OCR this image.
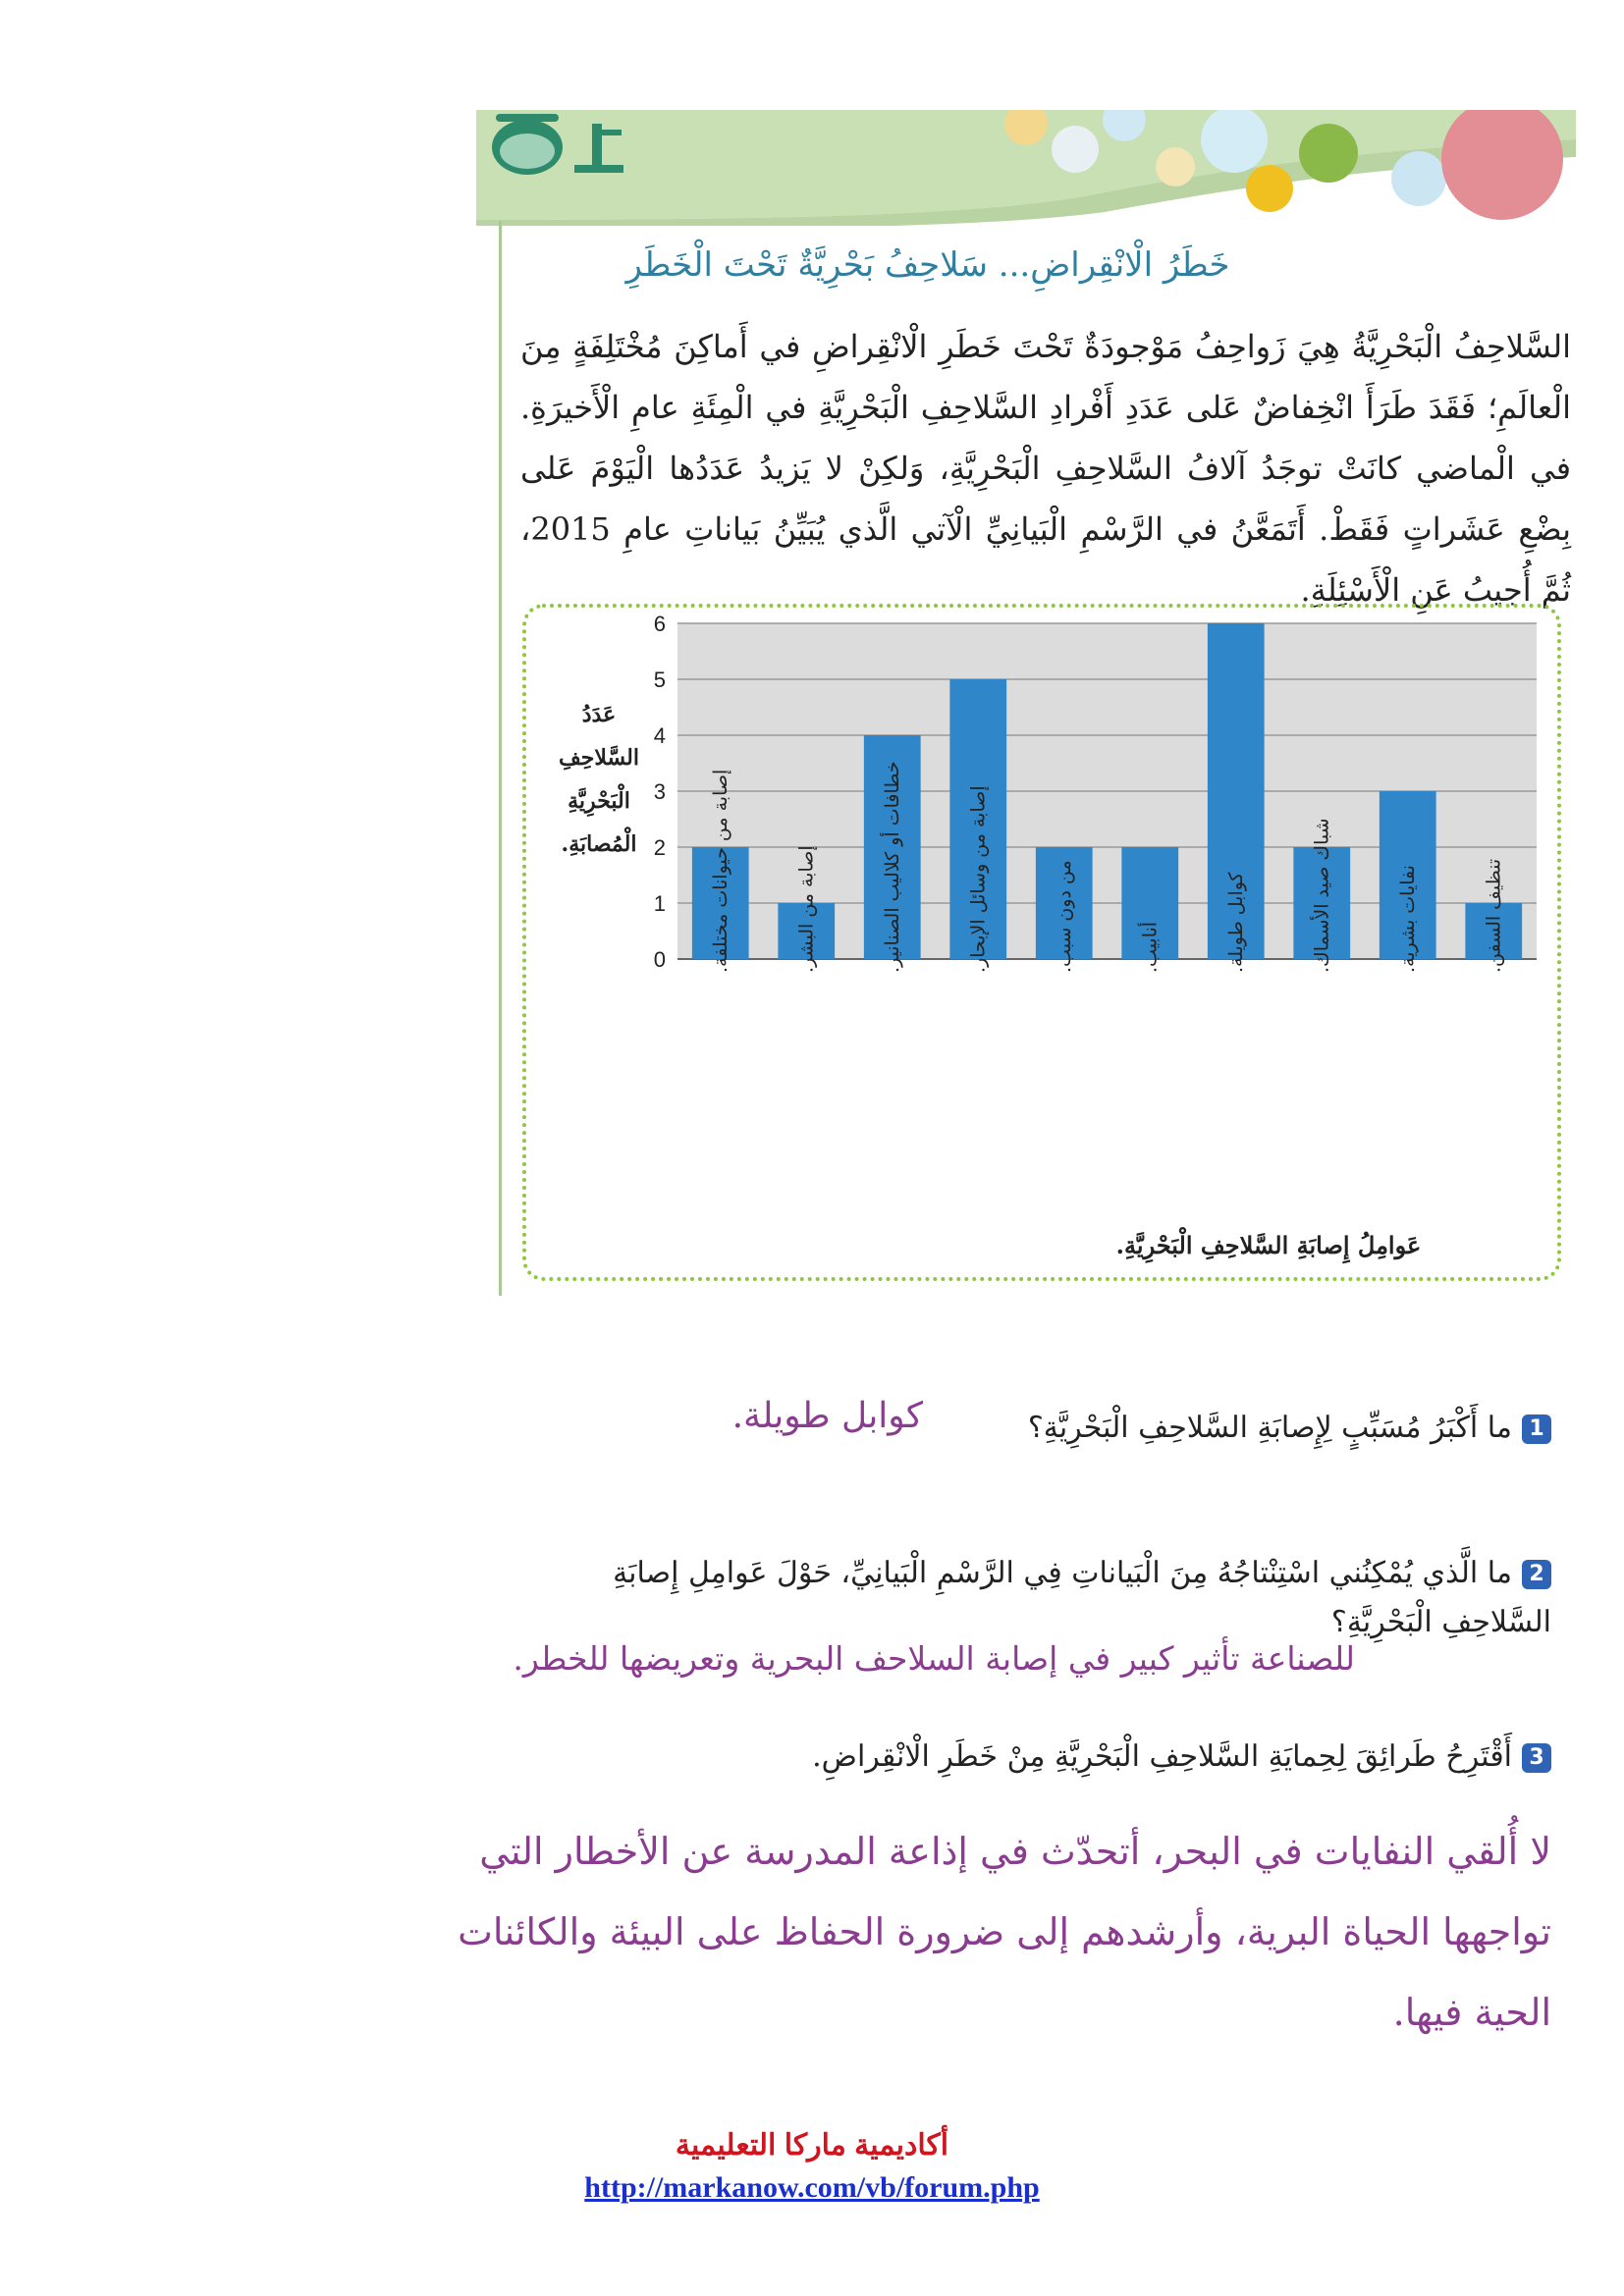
خَطَرُ الْانْقِراضِ... سَلاحِفُ بَحْرِيَّةٌ تَحْتَ الْخَطَرِ
السَّلاحِفُ الْبَحْرِيَّةُ هِيَ زَواحِفُ مَوْجودَةٌ تَحْتَ خَطَرِ الْانْقِراضِ في أَماكِنَ مُخْتَلِفَةٍ مِنَ الْعالَمِ؛ فَقَدَ طَرَأَ انْخِفاضٌ عَلى عَدَدِ أَفْرادِ السَّلاحِفِ الْبَحْرِيَّةِ في الْمِئَةِ عامِ الْأَخيرَةِ. في الْماضي كانَتْ توجَدُ آلافُ السَّلاحِفِ الْبَحْرِيَّةِ، وَلكِنْ لا يَزيدُ عَدَدُها الْيَوْمَ عَلى بِضْعِ عَشَراتٍ فَقَطْ. أَتَمَعَّنُ في الرَّسْمِ الْبَيانِيِّ الْآتي الَّذي يُبَيِّنُ بَياناتِ عامِ 2015، ثُمَّ أُجيبُ عَنِ الْأَسْئِلَةِ.
0
1
2
3
4
5
6
إصابة من حيوانات مختلفة.	إصابة من البشر.	خطافات أو كلاليب الصنانير.	إصابة من وسائل الإبحار.	من دون سبب.	أنابيب.	كوابل طويلة.	شباك صيد الأسماك.	نفايات بشرية.	تنظيف السفن.
عَدَدُ
السَّلاحِفِ
الْبَحْرِيَّةِ
الْمُصابَةِ.
عَوامِلُ إِصابَةِ السَّلاحِفِ الْبَحْرِيَّةِ.
1ما أَكْبَرُ مُسَبِّبٍ لِإِصابَةِ السَّلاحِفِ الْبَحْرِيَّةِ؟
كوابل طويلة.
2ما الَّذي يُمْكِنُني اسْتِنْتاجُهُ مِنَ الْبَياناتِ فِي الرَّسْمِ الْبَيانِيِّ، حَوْلَ عَوامِلِ إِصابَةِ السَّلاحِفِ الْبَحْرِيَّةِ؟
للصناعة تأثير كبير في إصابة السلاحف البحرية وتعريضها للخطر.
3أَقْتَرِحُ طَرائِقَ لِحِمايَةِ السَّلاحِفِ الْبَحْرِيَّةِ مِنْ خَطَرِ الْانْقِراضِ.
لا أُلقي النفايات في البحر، أتحدّث في إذاعة المدرسة عن الأخطار التي تواجهها الحياة البرية، وأرشدهم إلى ضرورة الحفاظ على البيئة والكائنات الحية فيها.
أكاديمية ماركا التعليمية
http://markanow.com/vb/forum.php
